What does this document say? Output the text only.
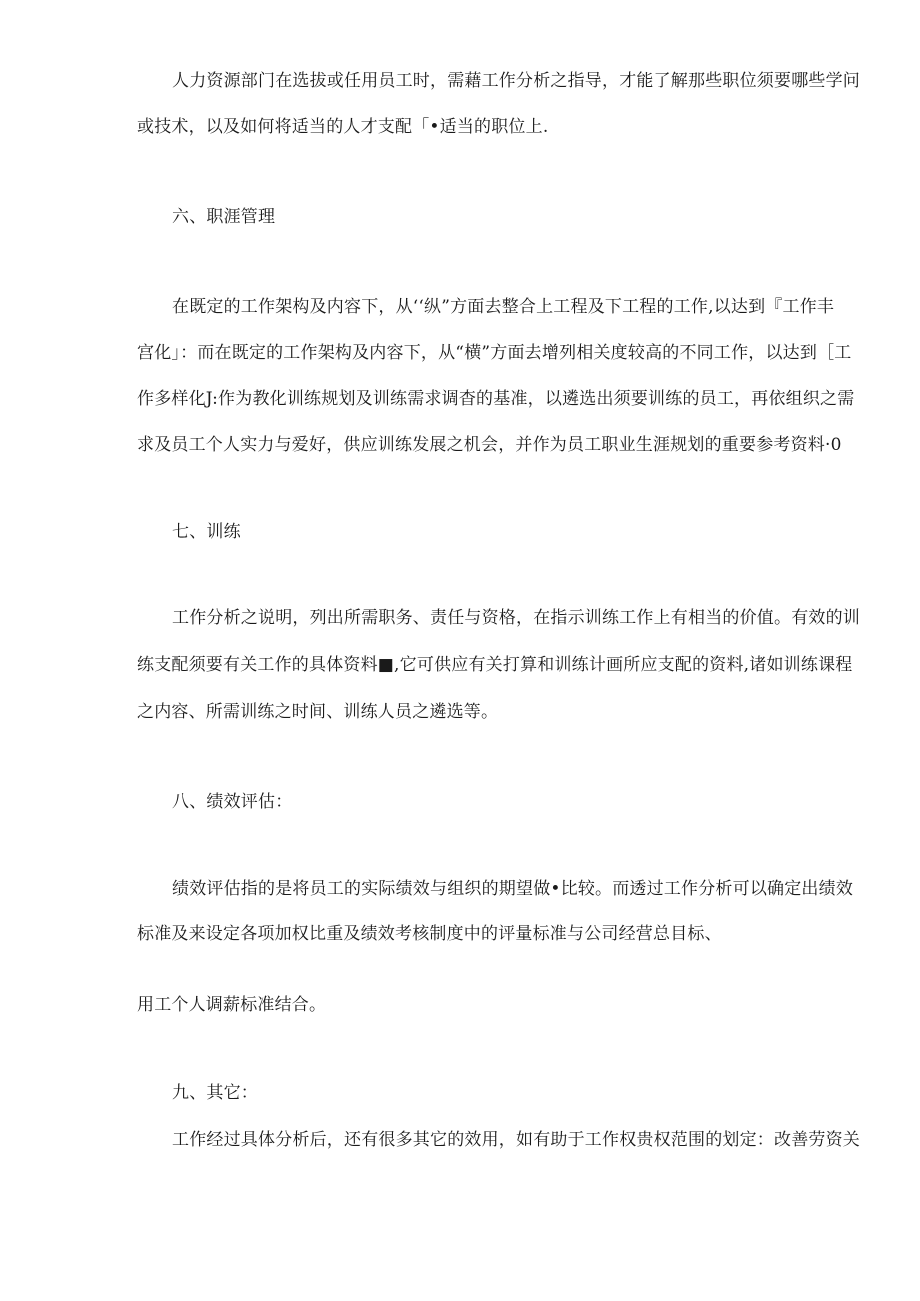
人力资源部门在选拔或任用员工时，需藉工作分析之指导，才能了解那些职位须要哪些学问
或技术，以及如何将适当的人才支配「•适当的职位上.
六、职涯管理
在既定的工作架构及内容下，从‘‘纵”方面去整合上工程及下工程的工作,以达到『工作丰
宫化」：而在既定的工作架构及内容下，从“横”方面去增列相关度较高的不同工作，以达到［工
作多样化J:作为教化训练规划及训练需求调杳的基准，以遴选出须要训练的员工，再依组织之需
求及员工个人实力与爱好，供应训练发展之机会，并作为员工职业生涯规划的重要参考资料·0
七、训练
工作分析之说明，列出所需职务、责任与资格，在指示训练工作上有相当的价值。有效的训
练支配须要有关工作的具体资料■,它可供应有关打算和训练计画所应支配的资料,诸如训练课程
之内容、所需训练之时间、训练人员之遴选等。
八、绩效评估：
绩效评估指的是将员工的实际绩效与组织的期望做•比较。而透过工作分析可以确定出绩效
标准及来设定各项加权比重及绩效考核制度中的评量标准与公司经营总目标、
用工个人调薪标准结合。
九、其它：
工作经过具体分析后，还有很多其它的效用，如有助于工作权贵权范围的划定：改善劳资关
